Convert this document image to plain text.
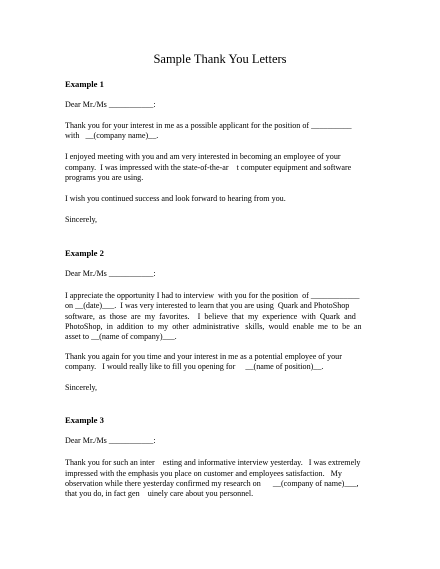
Sample Thank You Letters
Example 1
Dear Mr./Ms ___________:
Thank you for your interest in me as a possible applicant for the position of __________
with   __(company name)__.
I enjoyed meeting with you and am very interested in becoming an employee of your
company.  I was impressed with the state-of-the-ar    t computer equipment and software
programs you are using.
I wish you continued success and look forward to hearing from you.
Sincerely,
Example 2
Dear Mr./Ms ___________:
I appreciate the opportunity I had to interview  with you for the position  of ____________
on __(date)___.  I was very interested to learn that you are using  Quark and PhotoShop
software,  as  those  are  my  favorites.    I  believe  that  my  experience  with  Quark  and
PhotoShop,  in  addition  to  my  other  administrative   skills,  would  enable  me  to  be  an
asset to __(name of company)___.
Thank you again for you time and your interest in me as a potential employee of your
company.   I would really like to fill you opening for     __(name of position)__.
Sincerely,
Example 3
Dear Mr./Ms ___________:
Thank you for such an inter    esting and informative interview yesterday.   I was extremely
impressed with the emphasis you place on customer and employees satisfaction.   My
observation while there yesterday confirmed my research on      __(company of name)___,
that you do, in fact gen    uinely care about you personnel.
